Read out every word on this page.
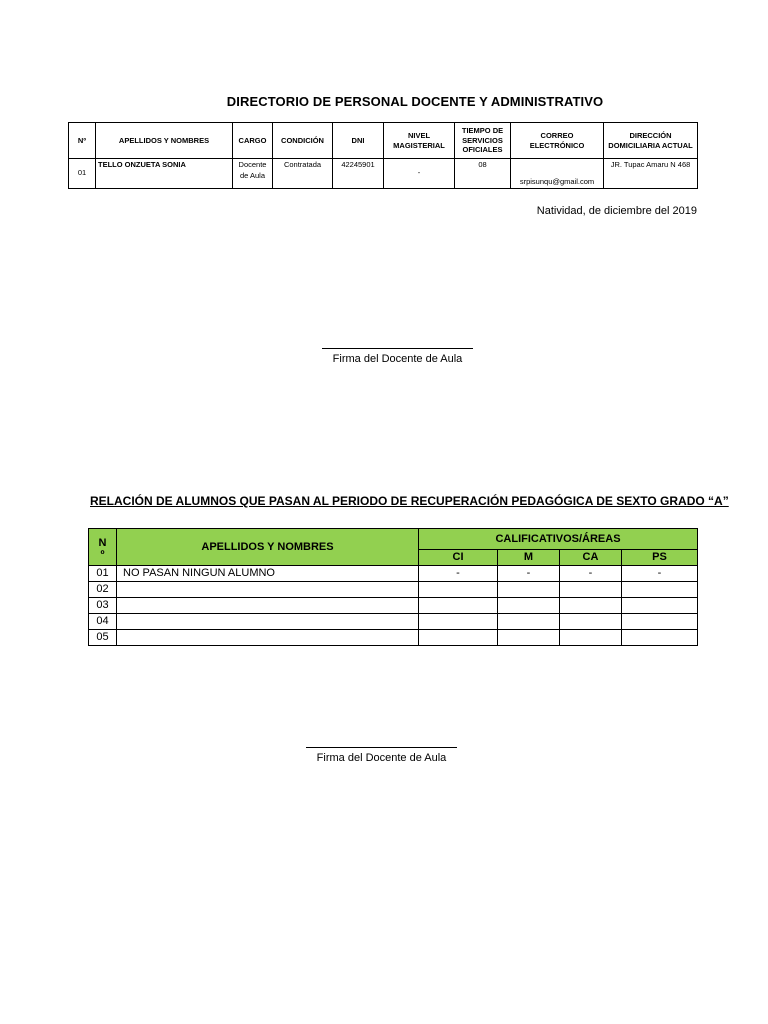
DIRECTORIO DE PERSONAL DOCENTE Y ADMINISTRATIVO
Nº	APELLIDOS Y NOMBRES	CARGO	CONDICIÓN	DNI	NIVEL MAGISTERIAL	TIEMPO DE SERVICIOS OFICIALES	CORREO ELECTRÓNICO	DIRECCIÓN DOMICILIARIA ACTUAL
01	TELLO ONZUETA SONIA	Docente de Aula	Contratada	42245901	-	08	srpisunqu@gmail.com	JR. Tupac Amaru N 468
Natividad, de diciembre del 2019
Firma del Docente de Aula
RELACIÓN DE ALUMNOS QUE PASAN AL PERIODO DE RECUPERACIÓN PEDAGÓGICA DE SEXTO GRADO “A”
N
º	APELLIDOS Y NOMBRES	CALIFICATIVOS/ÁREAS			
		CI	M	CA	PS
01	NO PASAN NINGUN ALUMNO	-	-	-	-
02					
03					
04					
05					
Firma del Docente de Aula
